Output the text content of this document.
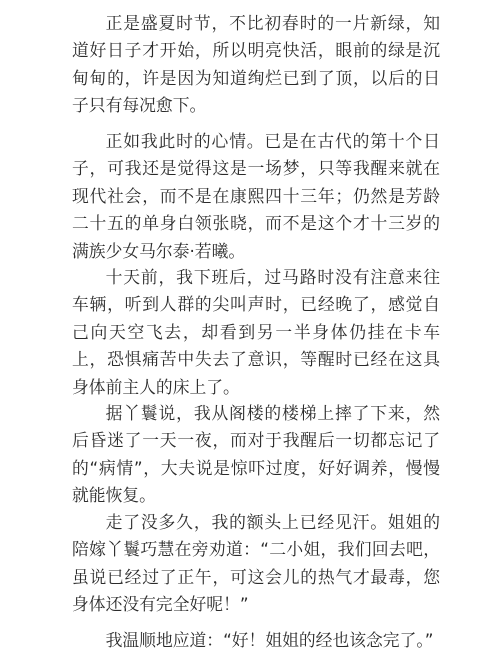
正是盛夏时节，不比初春时的一片新绿，知道好日子才开始，所以明亮快活，眼前的绿是沉甸甸的，许是因为知道绚烂已到了顶，以后的日子只有每况愈下。

正如我此时的心情。已是在古代的第十个日子，可我还是觉得这是一场梦，只等我醒来就在现代社会，而不是在康熙四十三年；仍然是芳龄二十五的单身白领张晓，而不是这个才十三岁的满族少女马尔泰·若曦。

十天前，我下班后，过马路时没有注意来往车辆，听到人群的尖叫声时，已经晚了，感觉自己向天空飞去，却看到另一半身体仍挂在卡车上，恐惧痛苦中失去了意识，等醒时已经在这具身体前主人的床上了。

据丫鬟说，我从阁楼的楼梯上摔了下来，然后昏迷了一天一夜，而对于我醒后一切都忘记了的“病情”，大夫说是惊吓过度，好好调养，慢慢就能恢复。

走了没多久，我的额头上已经见汗。姐姐的陪嫁丫鬟巧慧在旁劝道：“二小姐，我们回去吧，虽说已经过了正午，可这会儿的热气才最毒，您身体还没有完全好呢！”

我温顺地应道：“好！姐姐的经也该念完了。”
